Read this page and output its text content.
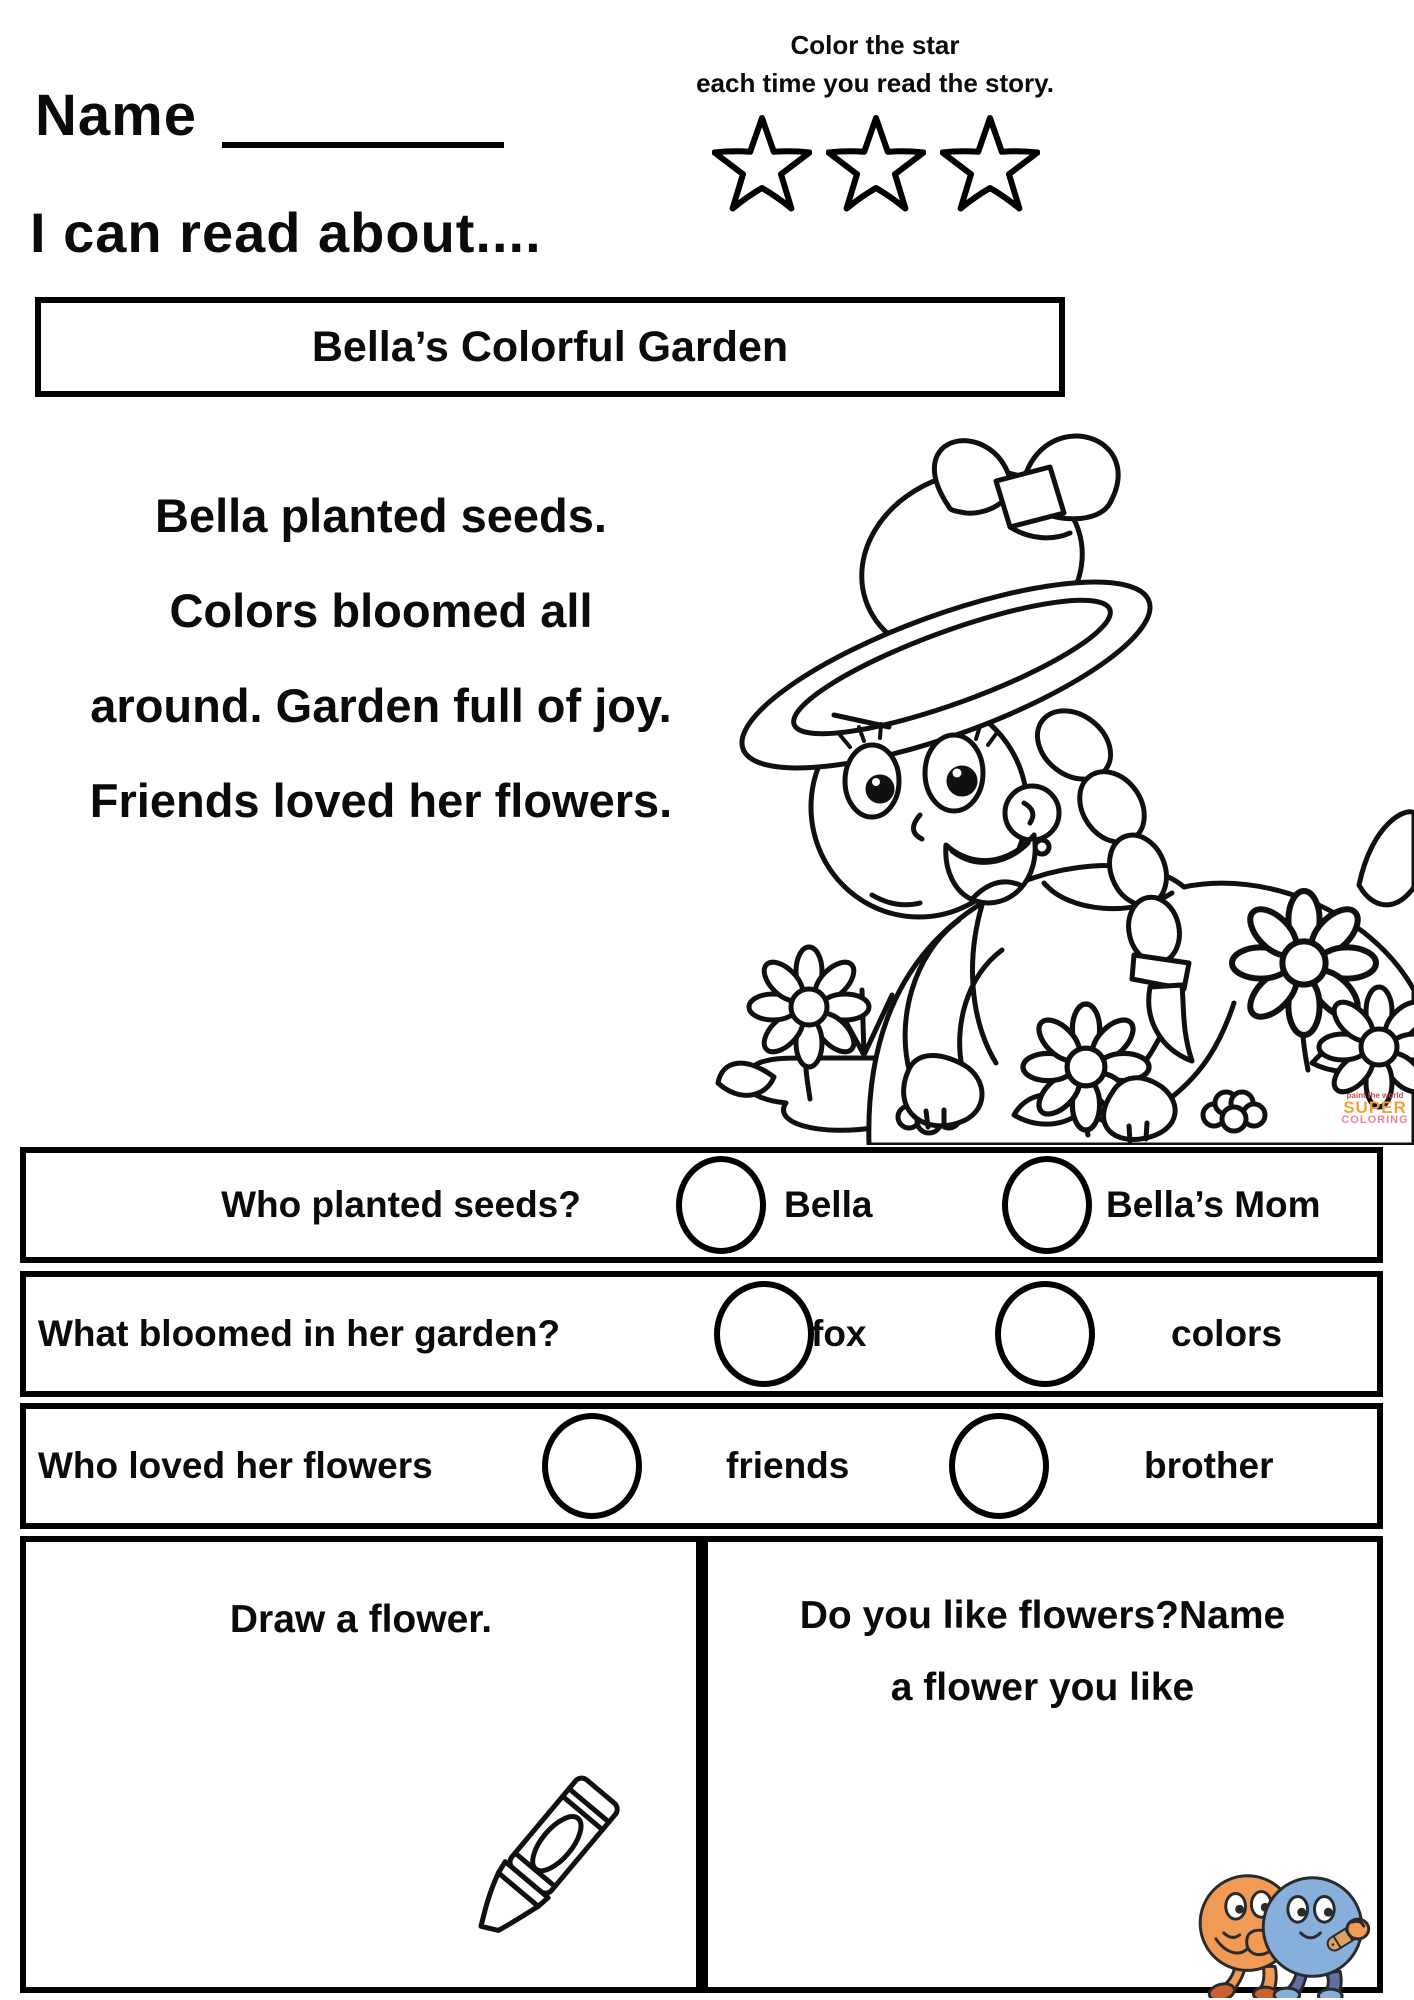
Name
Color the star
each time you read the story.
I can read about....
Bella’s Colorful Garden
Bella planted seeds.
Colors bloomed all
around. Garden full of joy.
Friends loved her flowers.
paint the world
SUPER
COLORING
Who planted seeds?	Bella	Bella’s Mom
What bloomed in her garden?	fox	colors
Who loved her flowers	friends	brother
Draw a flower.	Do you like flowers?Name
a flower you like
